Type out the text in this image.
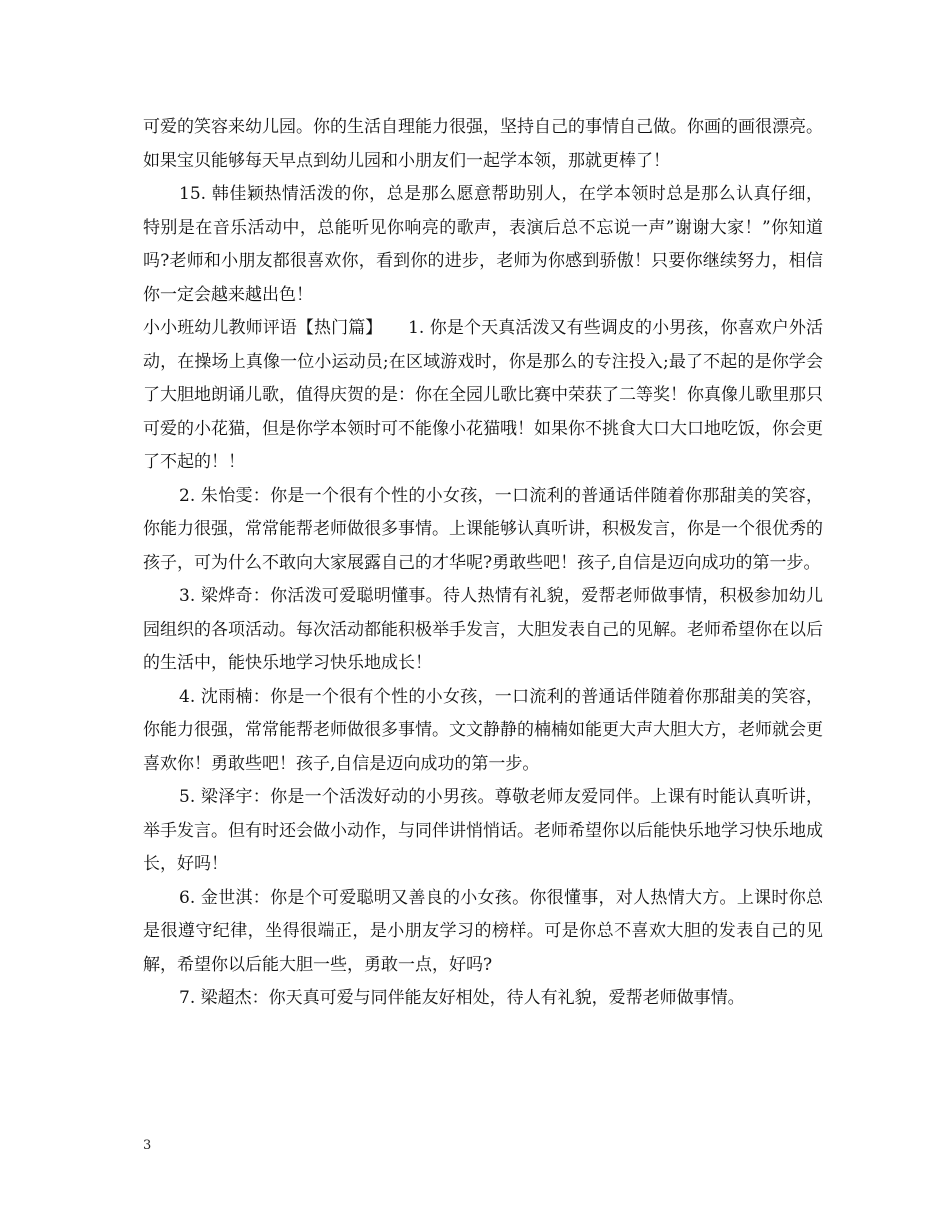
可爱的笑容来幼儿园。你的生活自理能力很强，坚持自己的事情自己做。你画的画很漂亮。如果宝贝能够每天早点到幼儿园和小朋友们一起学本领，那就更棒了！

15. 韩佳颖热情活泼的你，总是那么愿意帮助别人，在学本领时总是那么认真仔细，特别是在音乐活动中，总能听见你响亮的歌声，表演后总不忘说一声”谢谢大家！”你知道吗?老师和小朋友都很喜欢你，看到你的进步，老师为你感到骄傲！只要你继续努力，相信你一定会越来越出色！

小小班幼儿教师评语【热门篇】　　1. 你是个天真活泼又有些调皮的小男孩，你喜欢户外活动，在操场上真像一位小运动员;在区域游戏时，你是那么的专注投入;最了不起的是你学会了大胆地朗诵儿歌，值得庆贺的是：你在全园儿歌比赛中荣获了二等奖！你真像儿歌里那只可爱的小花猫，但是你学本领时可不能像小花猫哦！如果你不挑食大口大口地吃饭，你会更了不起的！！

2. 朱怡雯：你是一个很有个性的小女孩，一口流利的普通话伴随着你那甜美的笑容，你能力很强，常常能帮老师做很多事情。上课能够认真听讲，积极发言，你是一个很优秀的孩子，可为什么不敢向大家展露自己的才华呢?勇敢些吧！孩子,自信是迈向成功的第一步。

3. 梁烨奇：你活泼可爱聪明懂事。待人热情有礼貌，爱帮老师做事情，积极参加幼儿园组织的各项活动。每次活动都能积极举手发言，大胆发表自己的见解。老师希望你在以后的生活中，能快乐地学习快乐地成长！

4. 沈雨楠：你是一个很有个性的小女孩，一口流利的普通话伴随着你那甜美的笑容，你能力很强，常常能帮老师做很多事情。文文静静的楠楠如能更大声大胆大方，老师就会更喜欢你！勇敢些吧！孩子,自信是迈向成功的第一步。

5. 梁泽宇：你是一个活泼好动的小男孩。尊敬老师友爱同伴。上课有时能认真听讲，举手发言。但有时还会做小动作，与同伴讲悄悄话。老师希望你以后能快乐地学习快乐地成长，好吗！

6. 金世淇：你是个可爱聪明又善良的小女孩。你很懂事，对人热情大方。上课时你总是很遵守纪律，坐得很端正，是小朋友学习的榜样。可是你总不喜欢大胆的发表自己的见解，希望你以后能大胆一些，勇敢一点，好吗?

7. 梁超杰：你天真可爱与同伴能友好相处，待人有礼貌，爱帮老师做事情。

3
